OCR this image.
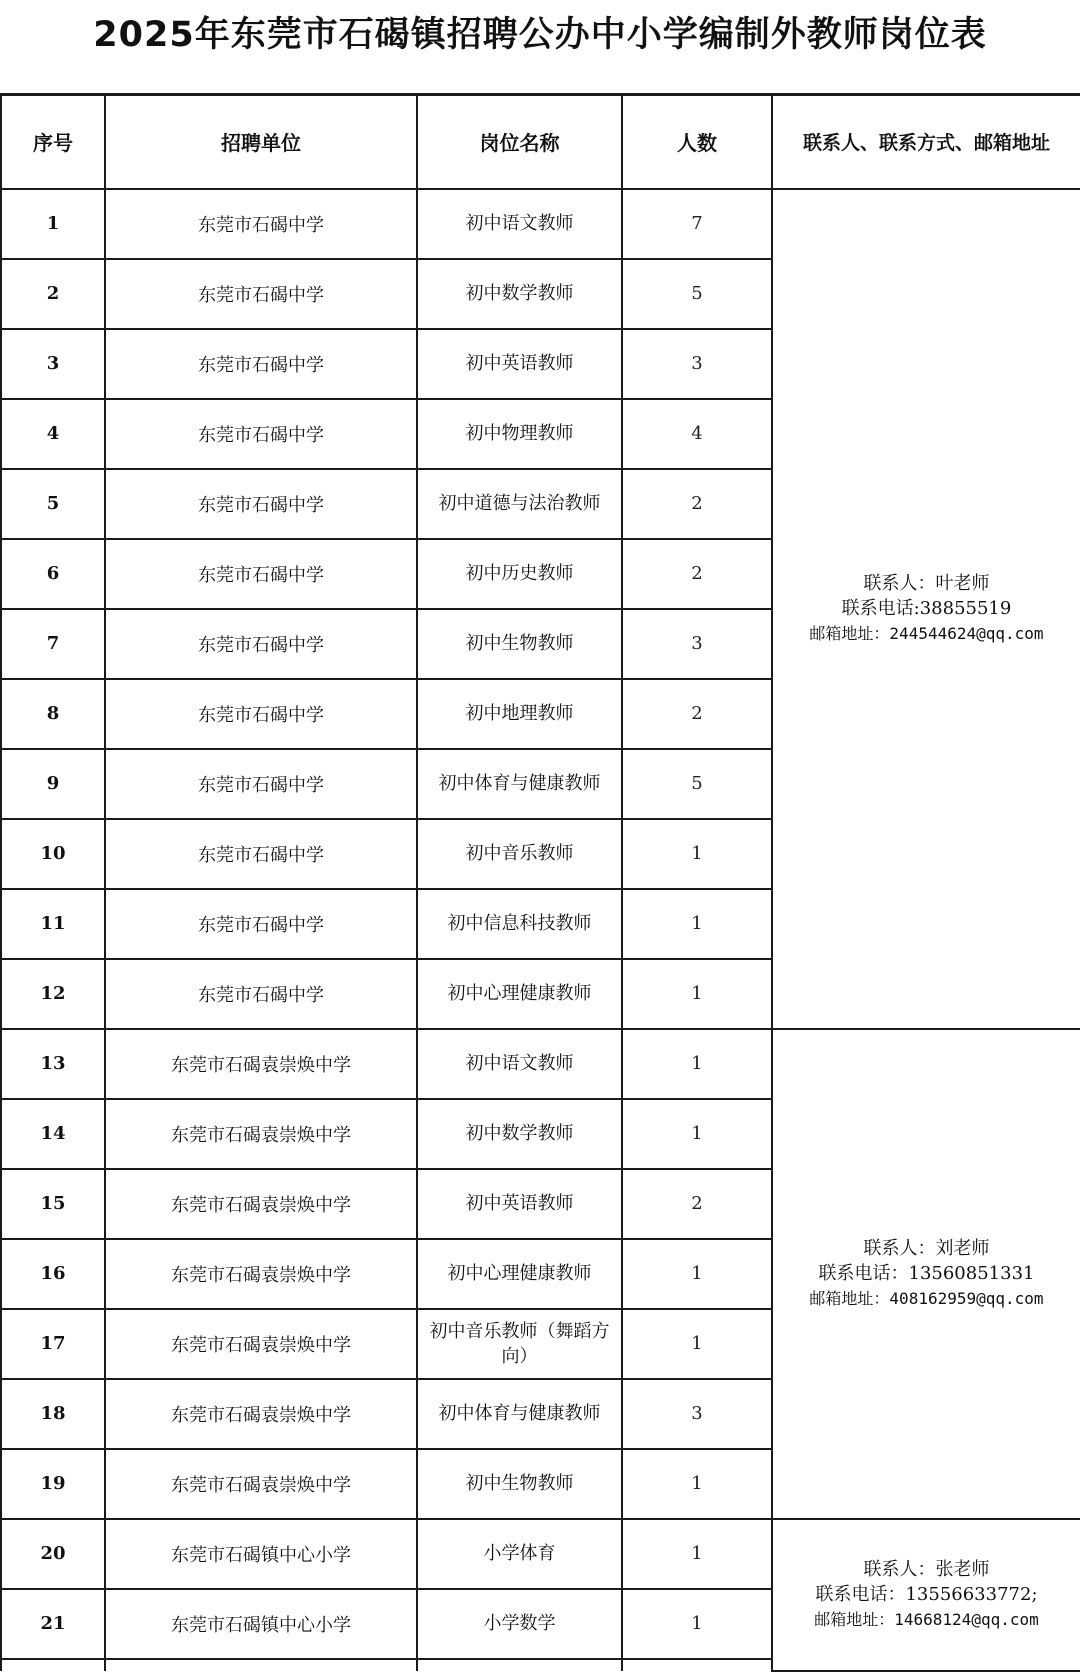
2025年东莞市石碣镇招聘公办中小学编制外教师岗位表
序号	招聘单位	岗位名称	人数	联系人、联系方式、邮箱地址
1	东莞市石碣中学	初中语文教师	7	联系人：叶老师
联系电话:38855519
邮箱地址：244544624@qq.com

2	东莞市石碣中学	初中数学教师	5	
3	东莞市石碣中学	初中英语教师	3	
4	东莞市石碣中学	初中物理教师	4	
5	东莞市石碣中学	初中道德与法治教师	2	
6	东莞市石碣中学	初中历史教师	2	
7	东莞市石碣中学	初中生物教师	3	
8	东莞市石碣中学	初中地理教师	2	
9	东莞市石碣中学	初中体育与健康教师	5	
10	东莞市石碣中学	初中音乐教师	1	
11	东莞市石碣中学	初中信息科技教师	1	
12	东莞市石碣中学	初中心理健康教师	1	
13	东莞市石碣袁崇焕中学	初中语文教师	1	联系人：刘老师
联系电话：13560851331
邮箱地址：408162959@qq.com

14	东莞市石碣袁崇焕中学	初中数学教师	1	
15	东莞市石碣袁崇焕中学	初中英语教师	2	
16	东莞市石碣袁崇焕中学	初中心理健康教师	1	
17	东莞市石碣袁崇焕中学	初中音乐教师（舞蹈方向）	1	
18	东莞市石碣袁崇焕中学	初中体育与健康教师	3	
19	东莞市石碣袁崇焕中学	初中生物教师	1	
20	东莞市石碣镇中心小学	小学体育	1	联系人：张老师
联系电话：13556633772;
邮箱地址：14668124@qq.com

21	东莞市石碣镇中心小学	小学数学	1	
